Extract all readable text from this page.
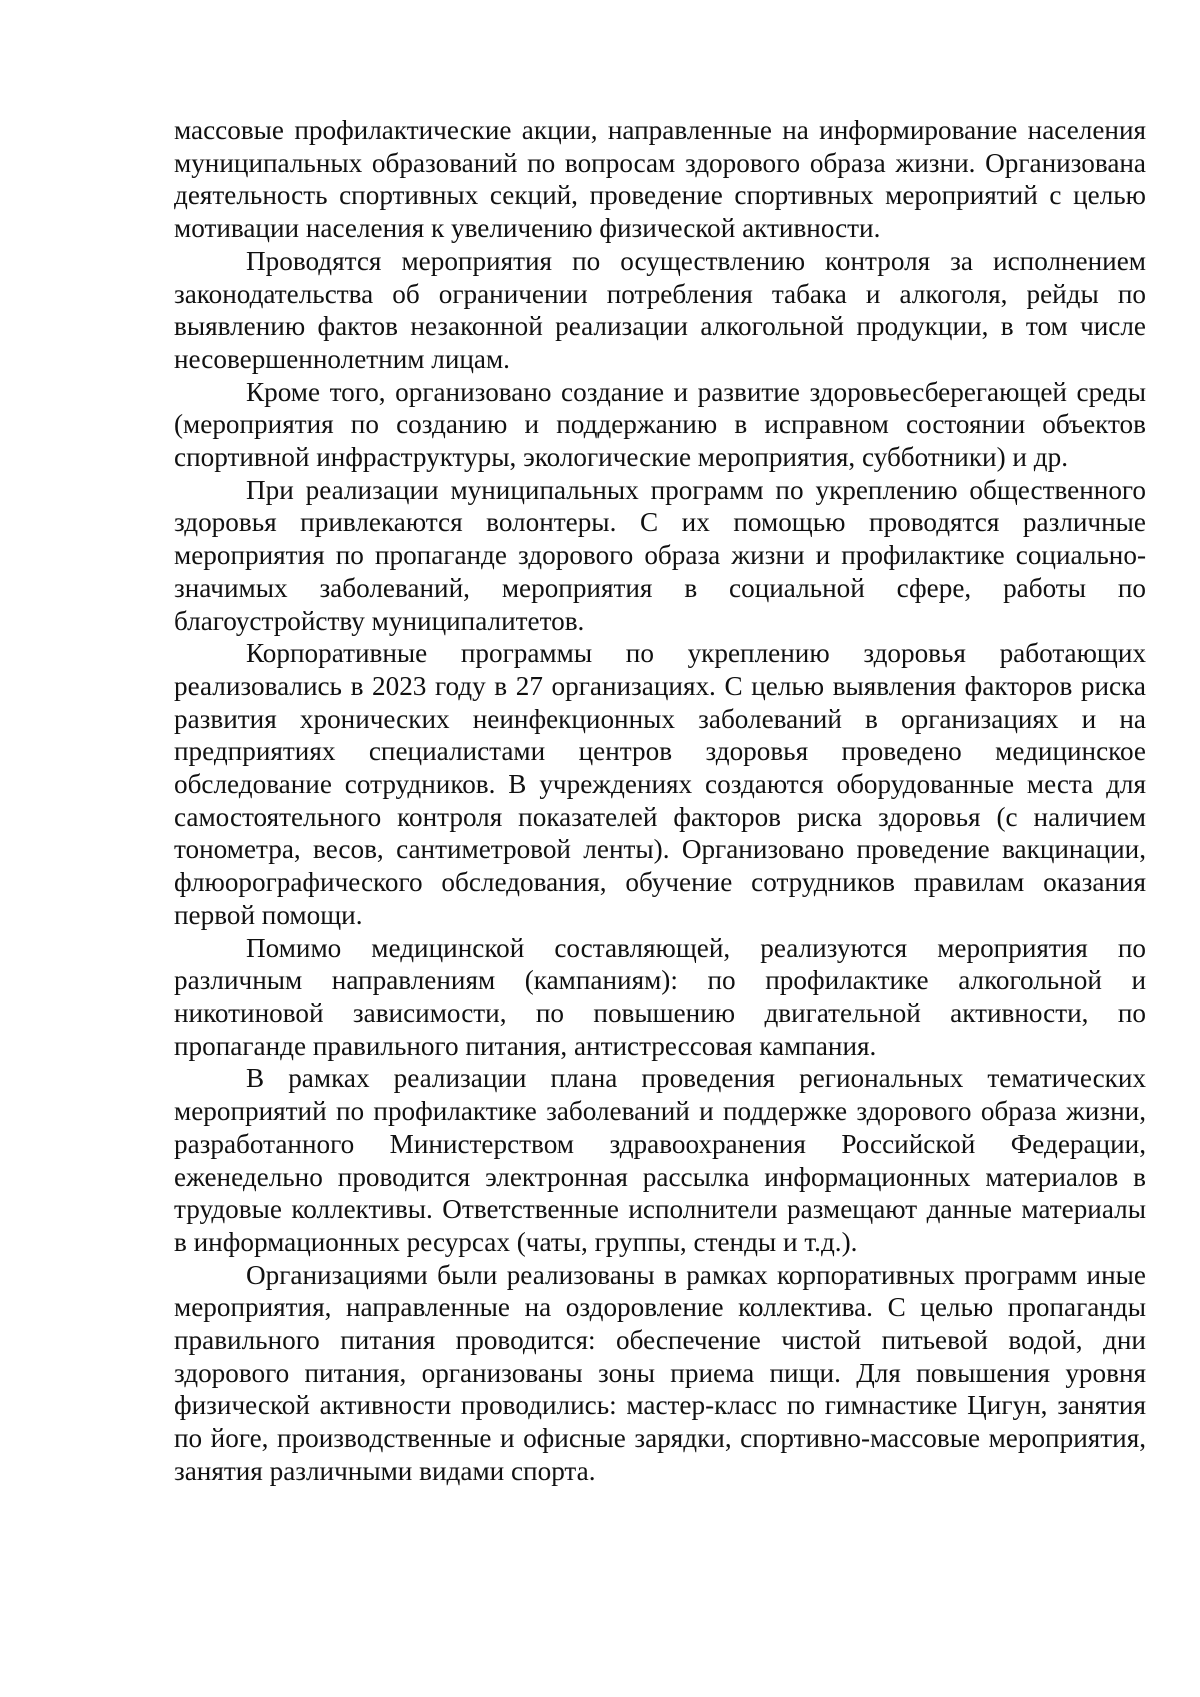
массовые профилактические акции, направленные на информирование населения муниципальных образований по вопросам здорового образа жизни. Организована деятельность спортивных секций, проведение спортивных мероприятий с целью мотивации населения к увеличению физической активности.

Проводятся мероприятия по осуществлению контроля за исполнением законодательства об ограничении потребления табака и алкоголя, рейды по выявлению фактов незаконной реализации алкогольной продукции, в том числе несовершеннолетним лицам.

Кроме того, организовано создание и развитие здоровьесберегающей среды (мероприятия по созданию и поддержанию в исправном состоянии объектов спортивной инфраструктуры, экологические мероприятия, субботники) и др.

При реализации муниципальных программ по укреплению общественного здоровья привлекаются волонтеры. С их помощью проводятся различные мероприятия по пропаганде здорового образа жизни и профилактике социально-значимых заболеваний, мероприятия в социальной сфере, работы по благоустройству муниципалитетов.

Корпоративные программы по укреплению здоровья работающих реализовались в 2023 году в 27 организациях. С целью выявления факторов риска развития хронических неинфекционных заболеваний в организациях и на предприятиях специалистами центров здоровья проведено медицинское обследование сотрудников. В учреждениях создаются оборудованные места для самостоятельного контроля показателей факторов риска здоровья (с наличием тонометра, весов, сантиметровой ленты). Организовано проведение вакцинации, флюорографического обследования, обучение сотрудников правилам оказания первой помощи.

Помимо медицинской составляющей, реализуются мероприятия по различным направлениям (кампаниям): по профилактике алкогольной и никотиновой зависимости, по повышению двигательной активности, по пропаганде правильного питания, антистрессовая кампания.

В рамках реализации плана проведения региональных тематических мероприятий по профилактике заболеваний и поддержке здорового образа жизни, разработанного Министерством здравоохранения Российской Федерации, еженедельно проводится электронная рассылка информационных материалов в трудовые коллективы. Ответственные исполнители размещают данные материалы в информационных ресурсах (чаты, группы, стенды и т.д.).

Организациями были реализованы в рамках корпоративных программ иные мероприятия, направленные на оздоровление коллектива. С целью пропаганды правильного питания проводится: обеспечение чистой питьевой водой, дни здорового питания, организованы зоны приема пищи. Для повышения уровня физической активности проводились: мастер-класс по гимнастике Цигун, занятия по йоге, производственные и офисные зарядки, спортивно-массовые мероприятия, занятия различными видами спорта.
